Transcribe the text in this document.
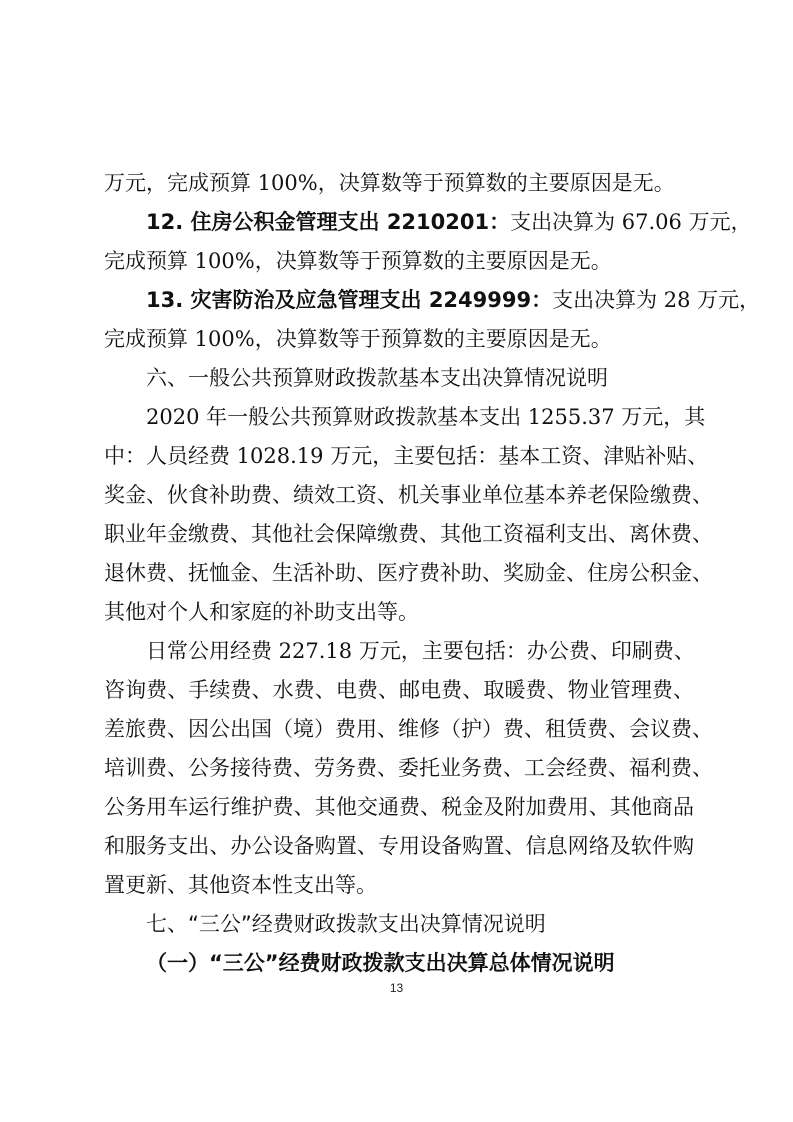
万元，完成预算 100%，决算数等于预算数的主要原因是无。
12. 住房公积金管理支出 2210201：支出决算为 67.06 万元，
完成预算 100%，决算数等于预算数的主要原因是无。
13. 灾害防治及应急管理支出 2249999：支出决算为 28 万元，
完成预算 100%，决算数等于预算数的主要原因是无。
六、一般公共预算财政拨款基本支出决算情况说明
2020 年一般公共预算财政拨款基本支出 1255.37 万元，其
中：人员经费 1028.19 万元，主要包括：基本工资、津贴补贴、
奖金、伙食补助费、绩效工资、机关事业单位基本养老保险缴费、
职业年金缴费、其他社会保障缴费、其他工资福利支出、离休费、
退休费、抚恤金、生活补助、医疗费补助、奖励金、住房公积金、
其他对个人和家庭的补助支出等。
日常公用经费 227.18 万元，主要包括：办公费、印刷费、
咨询费、手续费、水费、电费、邮电费、取暖费、物业管理费、
差旅费、因公出国（境）费用、维修（护）费、租赁费、会议费、
培训费、公务接待费、劳务费、委托业务费、工会经费、福利费、
公务用车运行维护费、其他交通费、税金及附加费用、其他商品
和服务支出、办公设备购置、专用设备购置、信息网络及软件购
置更新、其他资本性支出等。
七、“三公”经费财政拨款支出决算情况说明
（一）“三公”经费财政拨款支出决算总体情况说明
13
